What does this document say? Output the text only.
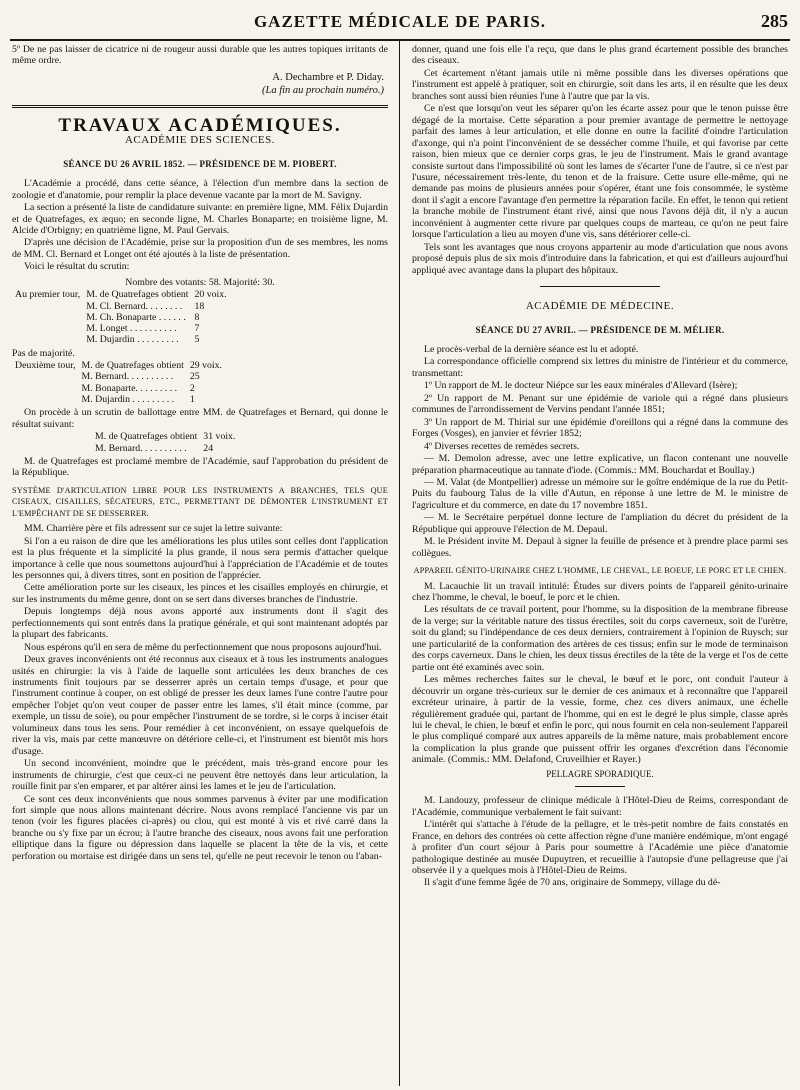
GAZETTE MÉDICALE DE PARIS.	285

5º De ne pas laisser de cicatrice ni de rougeur aussi durable que les autres topiques irritants de même ordre.

A. Dechambre et P. Diday.
(La fin au prochain numéro.)
TRAVAUX ACADÉMIQUES.
ACADÉMIE DES SCIENCES.
SÉANCE DU 26 AVRIL 1852. — PRÉSIDENCE DE M. PIOBERT.

L'Académie a procédé, dans cette séance, à l'élection d'un membre dans la section de zoologie et d'anatomie, pour remplir la place devenue vacante par la mort de M. Savigny.

La section a présenté la liste de candidature suivante: en première ligne, MM. Félix Dujardin et de Quatrefages, ex æquo; en seconde ligne, M. Charles Bonaparte; en troisième ligne, M. Alcide d'Orbigny; en quatrième ligne, M. Paul Gervais.

D'après une décision de l'Académie, prise sur la proposition d'un de ses membres, les noms de MM. Cl. Bernard et Longet ont été ajoutés à la liste de présentation.

Voici le résultat du scrutin:

Nombre des votants: 58. Majorité: 30.
Au premier tour,	M. de Quatrefages obtient	20 voix.
	M. Cl. Bernard. . . . . . . .	18
	M. Ch. Bonaparte . . . . . .	8
	M. Longet . . . . . . . . . .	7
	M. Dujardin . . . . . . . . .	5

Pas de majorité.

Deuxième tour,	M. de Quatrefages obtient	29 voix.
	M. Bernard. . . . . . . . . .	25
	M. Bonaparte. . . . . . . . .	2
	M. Dujardin . . . . . . . . .	1

On procède à un scrutin de ballottage entre MM. de Quatrefages et Bernard, qui donne le résultat suivant:

M. de Quatrefages obtient	31 voix.
M. Bernard. . . . . . . . . .	24

M. de Quatrefages est proclamé membre de l'Académie, sauf l'approbation du président de la République.

SYSTÈME D'ARTICULATION LIBRE POUR LES INSTRUMENTS A BRANCHES, TELS QUE CISEAUX, CISAILLES, SÉCATEURS, ETC., PERMETTANT DE DÉMONTER L'INSTRUMENT ET L'EMPÊCHANT DE SE DESSERRER.

MM. Charrière père et fils adressent sur ce sujet la lettre suivante:

Si l'on a eu raison de dire que les améliorations les plus utiles sont celles dont l'application est la plus fréquente et la simplicité la plus grande, il nous sera permis d'attacher quelque importance à celle que nous soumettons aujourd'hui à l'appréciation de l'Académie et de toutes les personnes qui, à divers titres, sont en position de l'apprécier.

Cette amélioration porte sur les ciseaux, les pinces et les cisailles employés en chirurgie, et sur les instruments du même genre, dont on se sert dans diverses branches de l'industrie.

Depuis longtemps déjà nous avons apporté aux instruments dont il s'agit des perfectionnements qui sont entrés dans la pratique générale, et qui sont maintenant adoptés par la plupart des fabricants.

Nous espérons qu'il en sera de même du perfectionnement que nous proposons aujourd'hui.

Deux graves inconvénients ont été reconnus aux ciseaux et à tous les instruments analogues usités en chirurgie: la vis à l'aide de laquelle sont articulées les deux branches de ces instruments finit toujours par se desserrer après un certain temps d'usage, et pour que l'instrument continue à couper, on est obligé de presser les deux lames l'une contre l'autre pour empêcher l'objet qu'on veut couper de passer entre les lames, s'il était mince (comme, par exemple, un tissu de soie), ou pour empêcher l'instrument de se tordre, si le corps à inciser était volumineux dans tous les sens. Pour remédier à cet inconvénient, on essaye quelquefois de river la vis, mais par cette manœuvre on détériore celle-ci, et l'instrument est bientôt mis hors d'usage.

Un second inconvénient, moindre que le précédent, mais très-grand encore pour les instruments de chirurgie, c'est que ceux-ci ne peuvent être nettoyés dans leur articulation, la rouille finit par s'en emparer, et par altérer ainsi les lames et le jeu de l'articulation.

Ce sont ces deux inconvénients que nous sommes parvenus à éviter par une modification fort simple que nous allons maintenant décrire. Nous avons remplacé l'ancienne vis par un tenon (voir les figures placées ci-après) ou clou, qui est monté à vis et rivé carré dans la branche ou s'y fixe par un écrou; à l'autre branche des ciseaux, nous avons fait une perforation elliptique dans la figure ou dépression dans laquelle se placent la tête de la vis, et cette perforation ou mortaise est dirigée dans un sens tel, qu'elle ne peut recevoir le tenon ou l'aban-

donner, quand une fois elle l'a reçu, que dans le plus grand écartement possible des branches des ciseaux.

Cet écartement n'étant jamais utile ni même possible dans les diverses opérations que l'instrument est appelé à pratiquer, soit en chirurgie, soit dans les arts, il en résulte que les deux branches sont aussi bien réunies l'une à l'autre que par la vis.

Ce n'est que lorsqu'on veut les séparer qu'on les écarte assez pour que le tenon puisse être dégagé de la mortaise. Cette séparation a pour premier avantage de permettre le nettoyage parfait des lames à leur articulation, et elle donne en outre la facilité d'oindre l'articulation d'axonge, qui n'a point l'inconvénient de se dessécher comme l'huile, et qui favorise par cette raison, bien mieux que ce dernier corps gras, le jeu de l'instrument. Mais le grand avantage consiste surtout dans l'impossibilité où sont les lames de s'écarter l'une de l'autre, si ce n'est par l'usure, nécessairement très-lente, du tenon et de la fraisure. Cette usure elle-même, qui ne demande pas moins de plusieurs années pour s'opérer, étant une fois consommée, le système dont il s'agit a encore l'avantage d'en permettre la réparation facile. En effet, le tenon qui retient la branche mobile de l'instrument étant rivé, ainsi que nous l'avons déjà dit, il n'y a aucun inconvénient à augmenter cette rivure par quelques coups de marteau, ce qu'on ne peut faire lorsque l'articulation a lieu au moyen d'une vis, sans détériorer celle-ci.

Tels sont les avantages que nous croyons appartenir au mode d'articulation que nous avons proposé depuis plus de six mois d'introduire dans la fabrication, et qui est d'ailleurs aujourd'hui appliqué avec avantage dans la plupart des hôpitaux.

ACADÉMIE DE MÉDECINE.
SÉANCE DU 27 AVRIL. — PRÉSIDENCE DE M. MÉLIER.

Le procès-verbal de la dernière séance est lu et adopté.

La correspondance officielle comprend six lettres du ministre de l'intérieur et du commerce, transmettant:

1º Un rapport de M. le docteur Niépce sur les eaux minérales d'Allevard (Isère);

2º Un rapport de M. Penant sur une épidémie de variole qui a régné dans plusieurs communes de l'arrondissement de Vervins pendant l'année 1851;

3º Un rapport de M. Thirial sur une épidémie d'oreillons qui a régné dans la commune des Forges (Vosges), en janvier et février 1852;

4º Diverses recettes de remèdes secrets.

— M. Demolon adresse, avec une lettre explicative, un flacon contenant une nouvelle préparation pharmaceutique au tannate d'iode. (Commis.: MM. Bouchardat et Boullay.)

— M. Valat (de Montpellier) adresse un mémoire sur le goître endémique de la rue du Petit-Puits du faubourg Talus de la ville d'Autun, en réponse à une lettre de M. le ministre de l'agriculture et du commerce, en date du 17 novembre 1851.

— M. le Secrétaire perpétuel donne lecture de l'ampliation du décret du président de la République qui approuve l'élection de M. Depaul.

M. le Président invite M. Depaul à signer la feuille de présence et à prendre place parmi ses collègues.

APPAREIL GÉNITO-URINAIRE CHEZ L'HOMME, LE CHEVAL, LE BOEUF, LE PORC ET LE CHIEN.

M. Lacauchie lit un travail intitulé: Études sur divers points de l'appareil génito-urinaire chez l'homme, le cheval, le boeuf, le porc et le chien.

Les résultats de ce travail portent, pour l'homme, su la disposition de la membrane fibreuse de la verge; sur la véritable nature des tissus érectiles, soit du corps caverneux, soit de l'urètre, soit du gland; su l'indépendance de ces deux derniers, contrairement à l'opinion de Ruysch; sur une particularité de la conformation des artères de ces tissus; enfin sur le mode de terminaison des corps caverneux. Dans le chien, les deux tissus érectiles de la tête de la verge et l'os de cette partie ont été examinés avec soin.

Les mêmes recherches faites sur le cheval, le bœuf et le porc, ont conduit l'auteur à découvrir un organe très-curieux sur le dernier de ces animaux et à reconnaître que l'appareil excréteur urinaire, à partir de la vessie, forme, chez ces divers animaux, une échelle régulièrement graduée qui, partant de l'homme, qui en est le degré le plus simple, classe après lui le cheval, le chien, le bœuf et enfin le porc, qui nous fournit en cela non-seulement l'appareil le plus compliqué comparé aux autres appareils de la même nature, mais probablement encore la complication la plus grande que puissent offrir les organes d'excrétion dans l'économie animale. (Commis.: MM. Delafond, Cruveilhier et Rayer.)

PELLAGRE SPORADIQUE.

M. Landouzy, professeur de clinique médicale à l'Hôtel-Dieu de Reims, correspondant de l'Académie, communique verbalement le fait suivant:

L'intérêt qui s'attache à l'étude de la pellagre, et le très-petit nombre de faits constatés en France, en dehors des contrées où cette affection règne d'une manière endémique, m'ont engagé à profiter d'un court séjour à Paris pour soumettre à l'Académie une pièce d'anatomie pathologique destinée au musée Dupuytren, et recueillie à l'autopsie d'une pellagreuse que j'ai observée il y a quelques mois à l'Hôtel-Dieu de Reims.

Il s'agit d'une femme âgée de 70 ans, originaire de Sommepy, village du dé-
